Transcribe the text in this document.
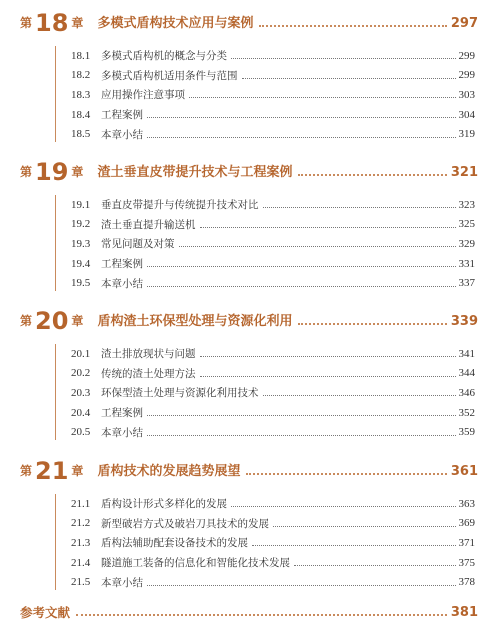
第 18 章 多模式盾构技术应用与案例	297
18.1	多模式盾构机的概念与分类	299
18.2	多模式盾构机适用条件与范围	299
18.3	应用操作注意事项	303
18.4	工程案例	304
18.5	本章小结	319
第 19 章 渣土垂直皮带提升技术与工程案例	321
19.1	垂直皮带提升与传统提升技术对比	323
19.2	渣土垂直提升输送机	325
19.3	常见问题及对策	329
19.4	工程案例	331
19.5	本章小结	337
第 20 章 盾构渣土环保型处理与资源化利用	339
20.1	渣土排放现状与问题	341
20.2	传统的渣土处理方法	344
20.3	环保型渣土处理与资源化利用技术	346
20.4	工程案例	352
20.5	本章小结	359
第 21 章 盾构技术的发展趋势展望	361
21.1	盾构设计形式多样化的发展	363
21.2	新型破岩方式及破岩刀具技术的发展	369
21.3	盾构法辅助配套设备技术的发展	371
21.4	隧道施工装备的信息化和智能化技术发展	375
21.5	本章小结	378
参考文献	381
